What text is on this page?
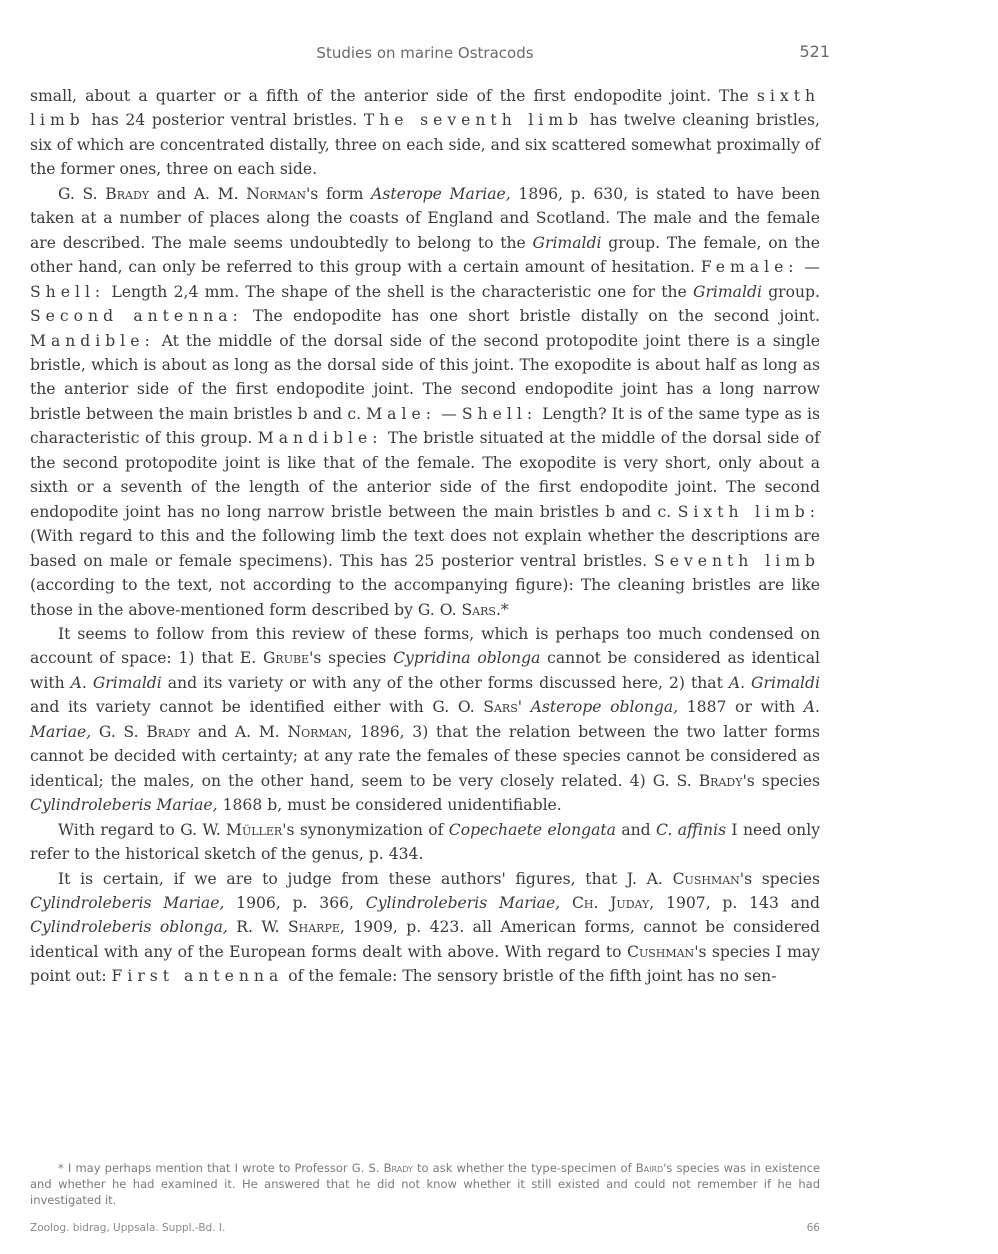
Studies on marine Ostracods	521

small, about a quarter or a fifth of the anterior side of the first endopodite joint. The sixth limb has 24 posterior ventral bristles. The seventh limb has twelve cleaning bristles, six of which are concentrated distally, three on each side, and six scattered somewhat proximally of the former ones, three on each side.

G. S. Brady and A. M. Norman's form Asterope Mariae, 1896, p. 630, is stated to have been taken at a number of places along the coasts of England and Scotland. The male and the female are described. The male seems undoubtedly to belong to the Grimaldi group. The female, on the other hand, can only be referred to this group with a certain amount of hesitation. Female: — Shell: Length 2,4 mm. The shape of the shell is the characteristic one for the Grimaldi group. Second antenna: The endopodite has one short bristle distally on the second joint. Mandible: At the middle of the dorsal side of the second protopodite joint there is a single bristle, which is about as long as the dorsal side of this joint. The exopodite is about half as long as the anterior side of the first endopodite joint. The second endopodite joint has a long narrow bristle between the main bristles b and c. Male: — Shell: Length? It is of the same type as is characteristic of this group. Mandible: The bristle situated at the middle of the dorsal side of the second protopodite joint is like that of the female. The exopodite is very short, only about a sixth or a seventh of the length of the anterior side of the first endopodite joint. The second endopodite joint has no long narrow bristle between the main bristles b and c. Sixth limb: (With regard to this and the following limb the text does not explain whether the descriptions are based on male or female specimens). This has 25 posterior ventral bristles. Seventh limb (according to the text, not according to the accompanying figure): The cleaning bristles are like those in the above-mentioned form described by G. O. Sars.*

It seems to follow from this review of these forms, which is perhaps too much condensed on account of space: 1) that E. Grube's species Cypridina oblonga cannot be considered as identical with A. Grimaldi and its variety or with any of the other forms discussed here, 2) that A. Grimaldi and its variety cannot be identified either with G. O. Sars' Asterope oblonga, 1887 or with A. Mariae, G. S. Brady and A. M. Norman, 1896, 3) that the relation between the two latter forms cannot be decided with certainty; at any rate the females of these species cannot be considered as identical; the males, on the other hand, seem to be very closely related. 4) G. S. Brady's species Cylindroleberis Mariae, 1868 b, must be considered unidentifiable.

With regard to G. W. Müller's synonymization of Copechaete elongata and C. affinis I need only refer to the historical sketch of the genus, p. 434.

It is certain, if we are to judge from these authors' figures, that J. A. Cushman's species Cylindroleberis Mariae, 1906, p. 366, Cylindroleberis Mariae, Ch. Juday, 1907, p. 143 and Cylindroleberis oblonga, R. W. Sharpe, 1909, p. 423. all American forms, cannot be considered identical with any of the European forms dealt with above. With regard to Cushman's species I may point out: First antenna of the female: The sensory bristle of the fifth joint has no sen-

* I may perhaps mention that I wrote to Professor G. S. Brady to ask whether the type-specimen of Baird's species was in existence and whether he had examined it. He answered that he did not know whether it still existed and could not remember if he had investigated it.
Zoolog. bidrag, Uppsala. Suppl.-Bd. I.	66
